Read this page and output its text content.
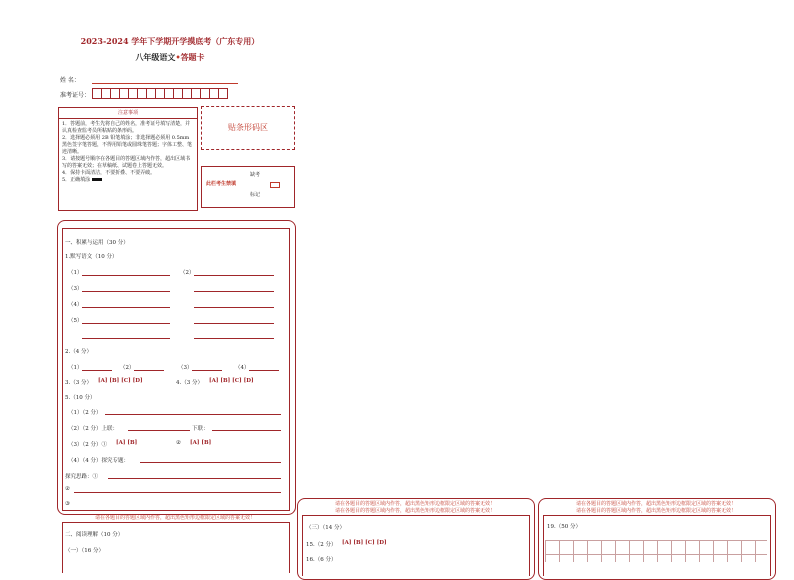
2023-2024 学年下学期开学摸底考（广东专用）
八年级语文•答题卡
姓 名：
准考证号：
注意事项
1．答题前，考生先将自己的姓名，准考证号填写清楚，并认真检查监考员所粘贴的条形码。
2．选择题必须用 2B 铅笔填涂；非选择题必须用 0.5mm黑色签字笔答题，不得用铅笔或圆珠笔答题；字体工整、笔迹清晰。
3．请按题号顺序在各题目的答题区域内作答，超出区域书写的答案无效；在草稿纸、试题卷上答题无效。
4．保持卡面清洁，不要折叠、不要弄破。
5．正确填涂
贴条形码区
缺考
此栏考生禁填
标记
一、积累与运用（30 分）
1.默写语文（10 分）
（1）	（2）
（3）
（4）
（5）
2.（4 分）
（1）	（2）	（3）	（4）
3.（3 分） [A] [B] [C] [D]	4.（3 分） [A] [B] [C] [D]
5.（10 分）
（1）（2 分）
（2）（2 分）上联：	下联：
（3）（2 分）① [A] [B]	② [A] [B]
（4）（4 分）探究专题：
探究思路：①
②
③
请在各题目的答题区域内作答，超出黑色矩形边框限定区域的答案无效！
二、阅读理解（10 分）
（一）（16 分）
请在各题目的答题区域内作答，超出黑色矩形边框限定区域的答案无效！
请在各题目的答题区域内作答，超出黑色矩形边框限定区域的答案无效！
（三）（14 分）
15.（2 分） [A] [B] [C] [D]
16.（6 分）
请在各题目的答题区域内作答，超出黑色矩形边框限定区域的答案无效！
请在各题目的答题区域内作答，超出黑色矩形边框限定区域的答案无效！
19.（50 分）
